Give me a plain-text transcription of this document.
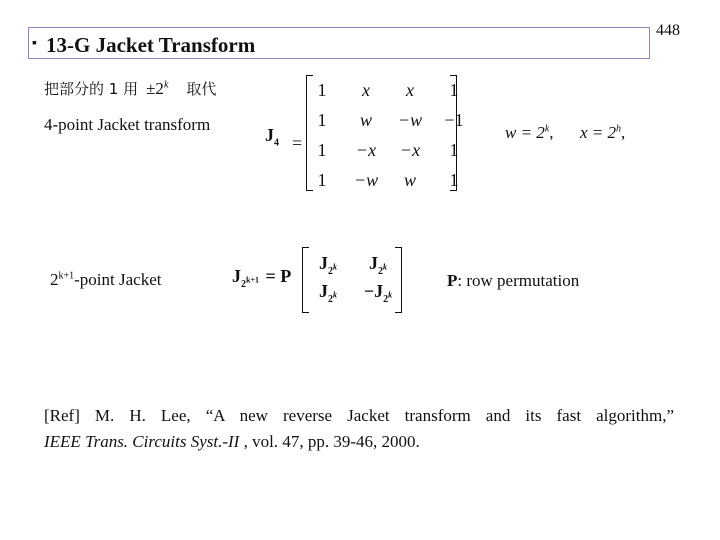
▪ 13-G Jacket Transform
448
把部分的 1 用 $\pm 2^k$ 取代
4-point Jacket transform
$J_4$ =
1	x	x	1
1	w	−w	−1
1	−x	−x	1
1	−w	w	1
$w = 2^k$, $x = 2^h$,
$2^{k+1}$-point Jacket	$J_{2^{k+1}} = P$
$J_{2^k}$	$J_{2^k}$
$J_{2^k}$	$-J_{2^k}$
P: row permutation
[Ref] M. H. Lee, “A new reverse Jacket transform and its fast algorithm,”
IEEE Trans. Circuits Syst.-II , vol. 47, pp. 39-46, 2000.
